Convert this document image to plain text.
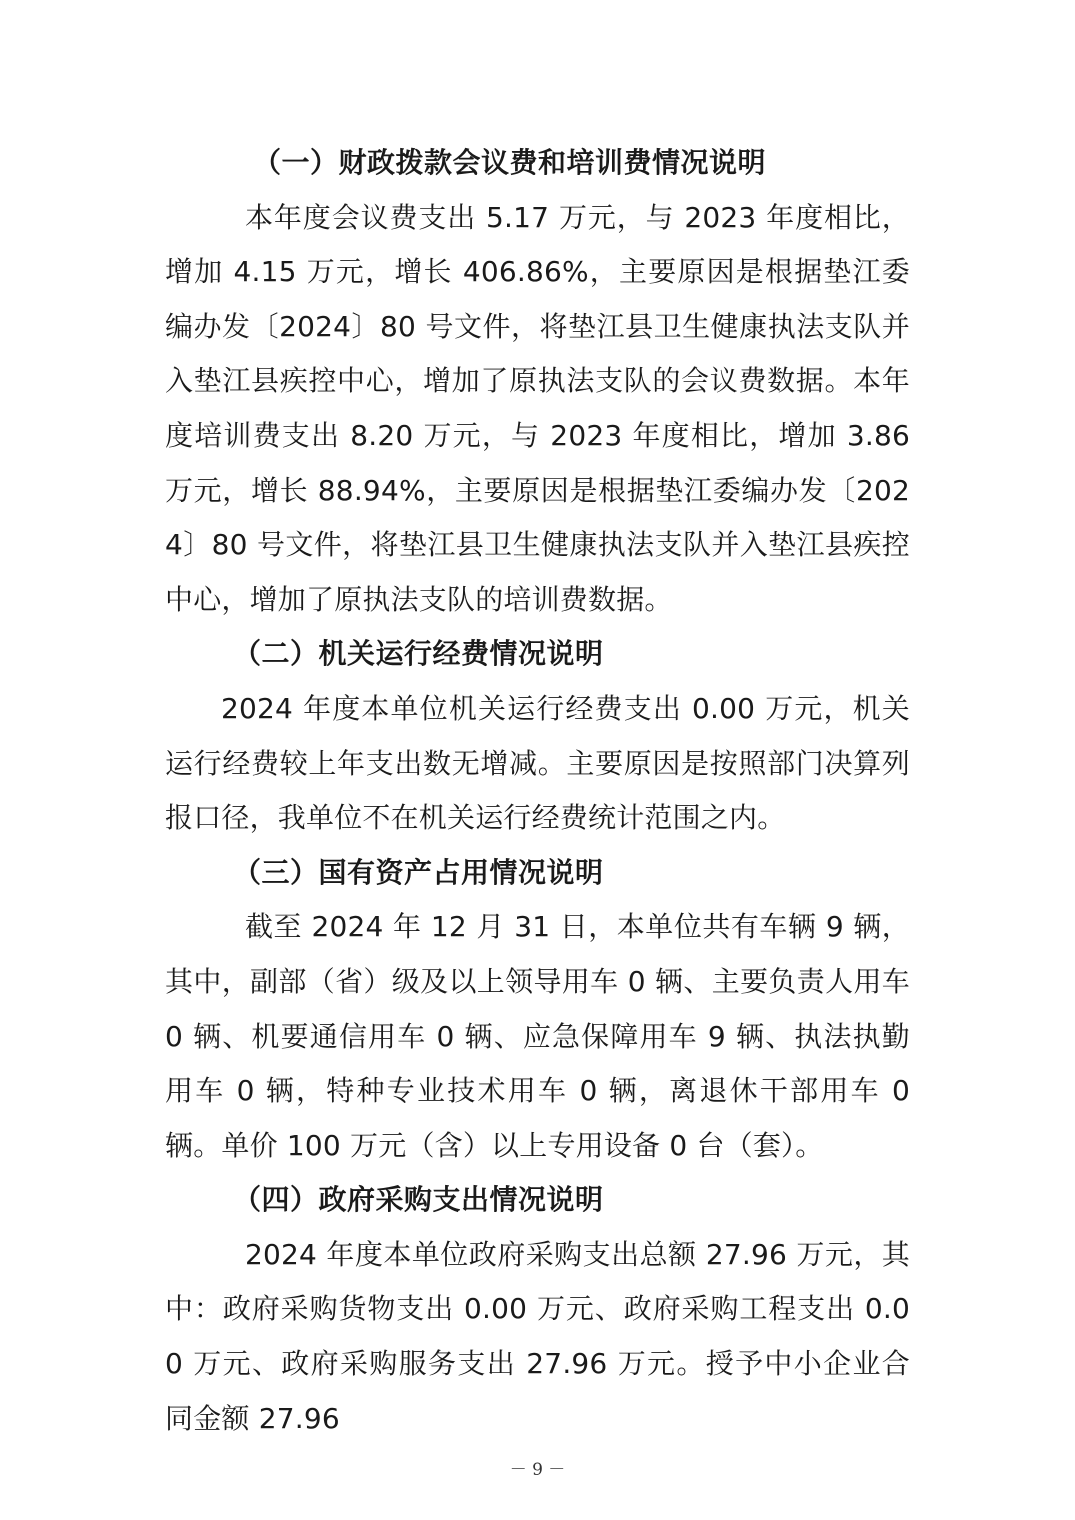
（一）财政拨款会议费和培训费情况说明

本年度会议费支出 5.17 万元，与 2023 年度相比，增加 4.15 万元，增长 406.86%，主要原因是根据垫江委编办发〔2024〕80 号文件，将垫江县卫生健康执法支队并入垫江县疾控中心，增加了原执法支队的会议费数据。本年度培训费支出 8.20 万元，与 2023 年度相比，增加 3.86 万元，增长 88.94%，主要原因是根据垫江委编办发〔2024〕80 号文件，将垫江县卫生健康执法支队并入垫江县疾控中心，增加了原执法支队的培训费数据。

（二）机关运行经费情况说明

2024 年度本单位机关运行经费支出 0.00 万元，机关运行经费较上年支出数无增减。主要原因是按照部门决算列报口径，我单位不在机关运行经费统计范围之内。

（三）国有资产占用情况说明

截至 2024 年 12 月 31 日，本单位共有车辆 9 辆，其中，副部（省）级及以上领导用车 0 辆、主要负责人用车 0 辆、机要通信用车 0 辆、应急保障用车 9 辆、执法执勤用车 0 辆，特种专业技术用车 0 辆，离退休干部用车 0 辆。单价 100 万元（含）以上专用设备 0 台（套）。

（四）政府采购支出情况说明

2024 年度本单位政府采购支出总额 27.96 万元，其中：政府采购货物支出 0.00 万元、政府采购工程支出 0.00 万元、政府采购服务支出 27.96 万元。授予中小企业合同金额 27.96

－ 9 －
